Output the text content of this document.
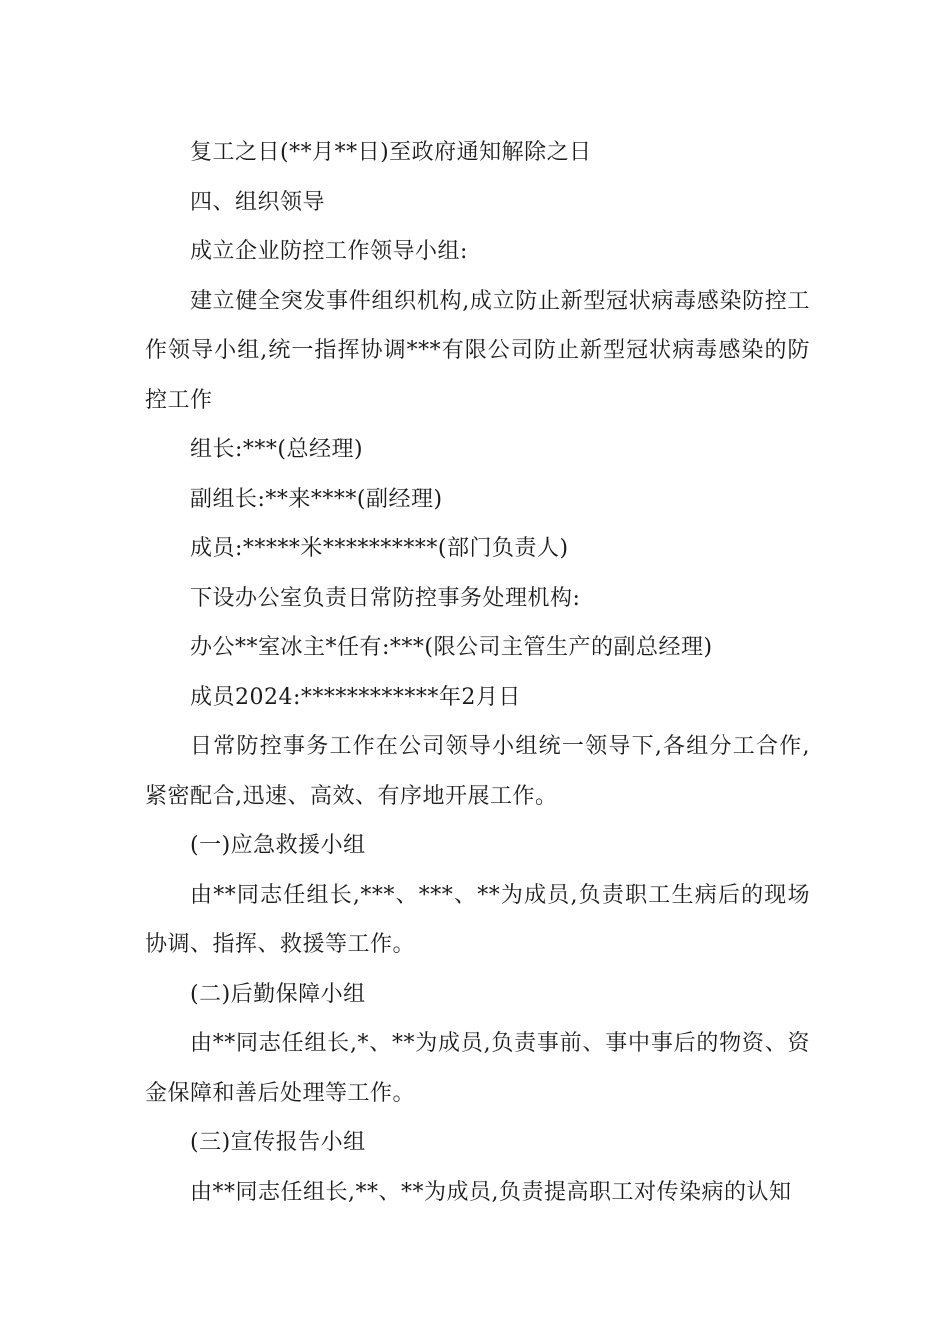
复工之日(**月**日)至政府通知解除之日

四、组织领导

成立企业防控工作领导小组:

建立健全突发事件组织机构,成立防止新型冠状病毒感染防控工作领导小组,统一指挥协调***有限公司防止新型冠状病毒感染的防控工作

组长:***(总经理)

副组长:**来****(副经理)

成员:*****米**********(部门负责人)

下设办公室负责日常防控事务处理机构:

办公**室冰主*任有:***(限公司主管生产的副总经理)

成员2024:************年2月日

日常防控事务工作在公司领导小组统一领导下,各组分工合作,紧密配合,迅速、高效、有序地开展工作。

(一)应急救援小组

由**同志任组长,***、***、**为成员,负责职工生病后的现场协调、指挥、救援等工作。

(二)后勤保障小组

由**同志任组长,*、**为成员,负责事前、事中事后的物资、资金保障和善后处理等工作。

(三)宣传报告小组

由**同志任组长,**、**为成员,负责提高职工对传染病的认知
